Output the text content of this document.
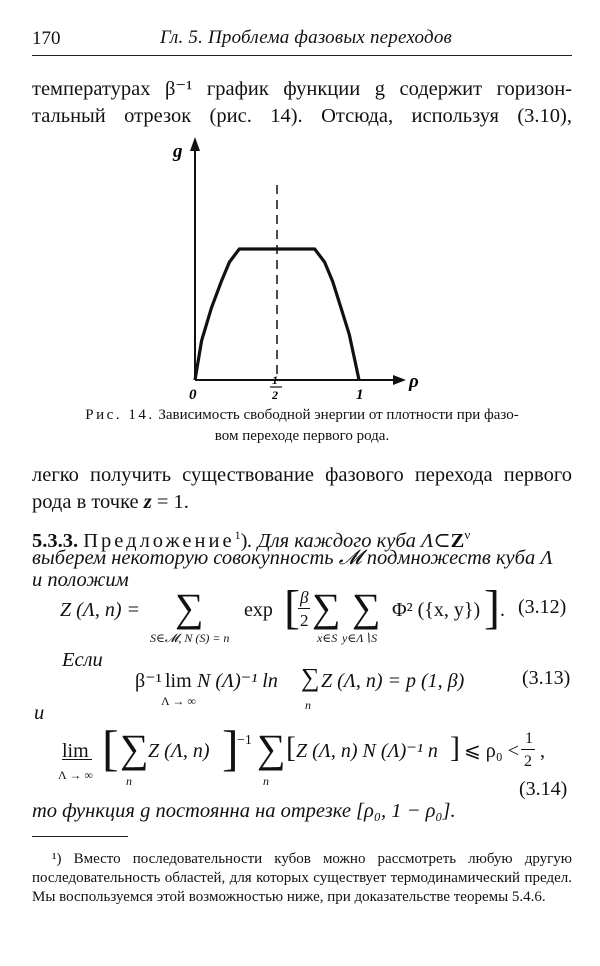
170	Гл. 5. Проблема фазовых переходов
температурах β⁻¹ график функции g содержит горизон-
тальный отрезок (рис. 14). Отсюда, используя (3.10),
g
ρ
0
1
2	1
Рис. 14. Зависимость свободной энергии от плотности при фазо-
вом переходе первого рода.
легко получить существование фазового перехода первого
рода в точке z = 1.
5.3.3. Предложение$^1$). Для каждого куба $\Lambda\subset Z^\nu$
выберем некоторую совокупность 𝓜 подмножеств куба Λ
и положим
Z (Λ, n) = ∑
S∈𝓜, N (S) = n
exp [ β
2 ∑
x∈S
∑
y∈Λ∖S
Φ² ({x, y}) ] . (3.12)
Если
β⁻¹ lim
Λ → ∞
N (Λ)⁻¹ ln ∑
n
Z (Λ, n) = p (1, β)	(3.13)
и
lim
Λ → ∞ [ ∑
n
Z (Λ, n) ]
−1 ∑
n
[ Z (Λ, n) N (Λ)⁻¹ n ] ⩽ ρ₀ <
1
2 ,
(3.14)
то функция g постоянна на отрезке [ρ₀, 1 − ρ₀].
¹) Вместо последовательности кубов можно рассмотреть любую другую последовательность областей, для которых существует термодинамический предел. Мы воспользуемся этой возможностью ниже, при доказательстве теоремы 5.4.6.
